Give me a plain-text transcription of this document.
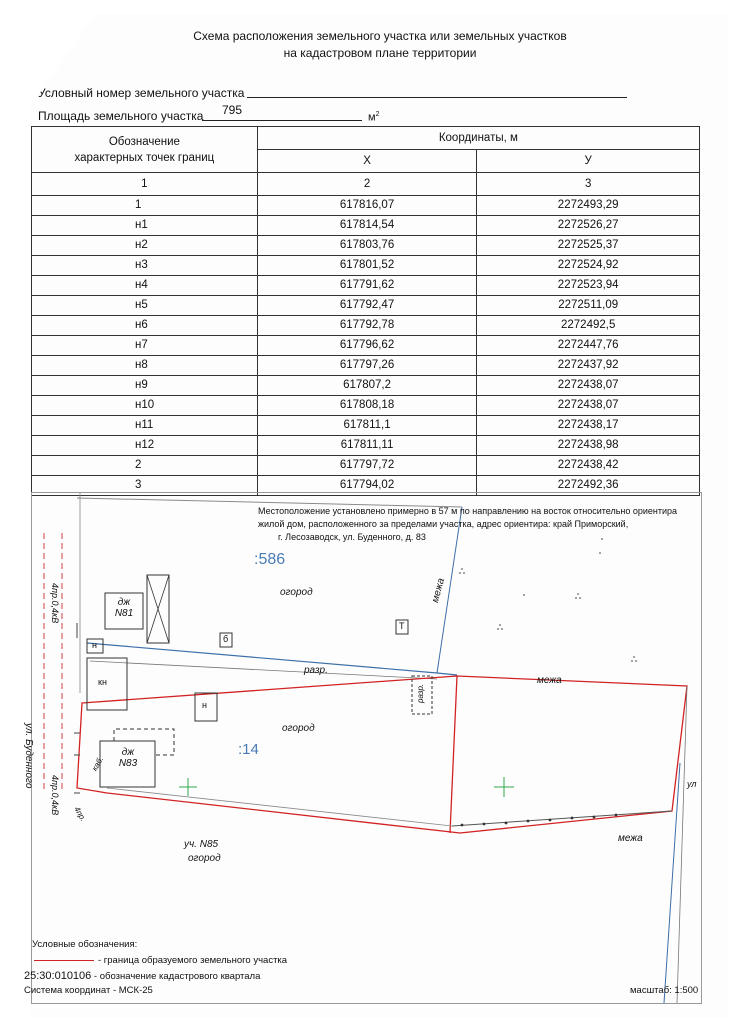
Схема расположения земельного участка или земельных участков
на кадастровом плане территории
Условный номер земельного участка
Площадь земельного участка 795
$м^2$
Обозначение
характерных точек границ	Координаты, м	
	X	У
1	2	3
1	617816,07	2272493,29
н1	617814,54	2272526,27
н2	617803,76	2272525,37
н3	617801,52	2272524,92
н4	617791,62	2272523,94
н5	617792,47	2272511,09
н6	617792,78	2272492,5
н7	617796,62	2272447,76
н8	617797,26	2272437,92
н9	617807,2	2272438,07
н10	617808,18	2272438,07
н11	617811,1	2272438,17
н12	617811,11	2272438,98
2	617797,72	2272438,42
3	617794,02	2272492,36
:586
:14
огород
огород
огород
уч. N85
межа
межа
межа
разр.
разр.
дж
N81
дж
N83
кн
н
н
Т
б
ул. Буденного
4пр.0,4кВ
4пр.0,4кВ 4пр.
каб.
ул
Местоположение установлено примерно в 57 м по направлению на восток относительно ориентира
жилой дом, расположенного за пределами участка, адрес ориентира: край Приморский,
г. Лесозаводск, ул. Буденного, д. 83
Условные обозначения:
- граница образуемого земельного участка
25:30:010106 - обозначение кадастрового квартала
Система координат - МСК-25	масштаб: 1:500
